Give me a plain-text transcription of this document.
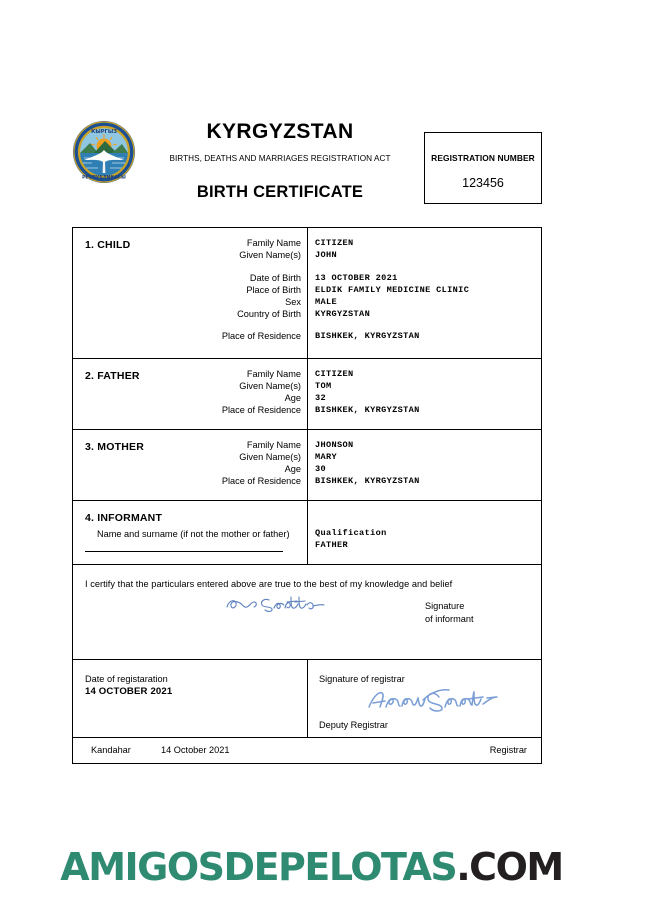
КЫРГЫЗ
РЕСПУБЛИКАСЫ
KYRGYZSTAN
BIRTHS, DEATHS AND MARRIAGES REGISTRATION ACT
BIRTH CERTIFICATE
REGISTRATION NUMBER
123456
1. CHILD	Family Name CITIZEN
Given Name(s) JOHN
Date of Birth 13 OCTOBER 2021
Place of Birth ELDIK FAMILY MEDICINE CLINIC
Sex MALE
Country of Birth KYRGYZSTAN
Place of Residence BISHKEK, KYRGYZSTAN
2. FATHER	Family Name CITIZEN
Given Name(s) TOM
Age 32
Place of Residence BISHKEK, KYRGYZSTAN
3. MOTHER	Family Name JHONSON
Given Name(s) MARY
Age 30
Place of Residence BISHKEK, KYRGYZSTAN
4. INFORMANT
Name and surname (if not the mother or father)	Qualification
FATHER
I certify that the particulars entered above are true to the best of my knowledge and belief
Signature
of informant
Date of registaration
14 OCTOBER 2021
Signature of registrar
Deputy Registrar
Kandahar	14 October 2021	Registrar
AMIGOSDEPELOTAS.COM
